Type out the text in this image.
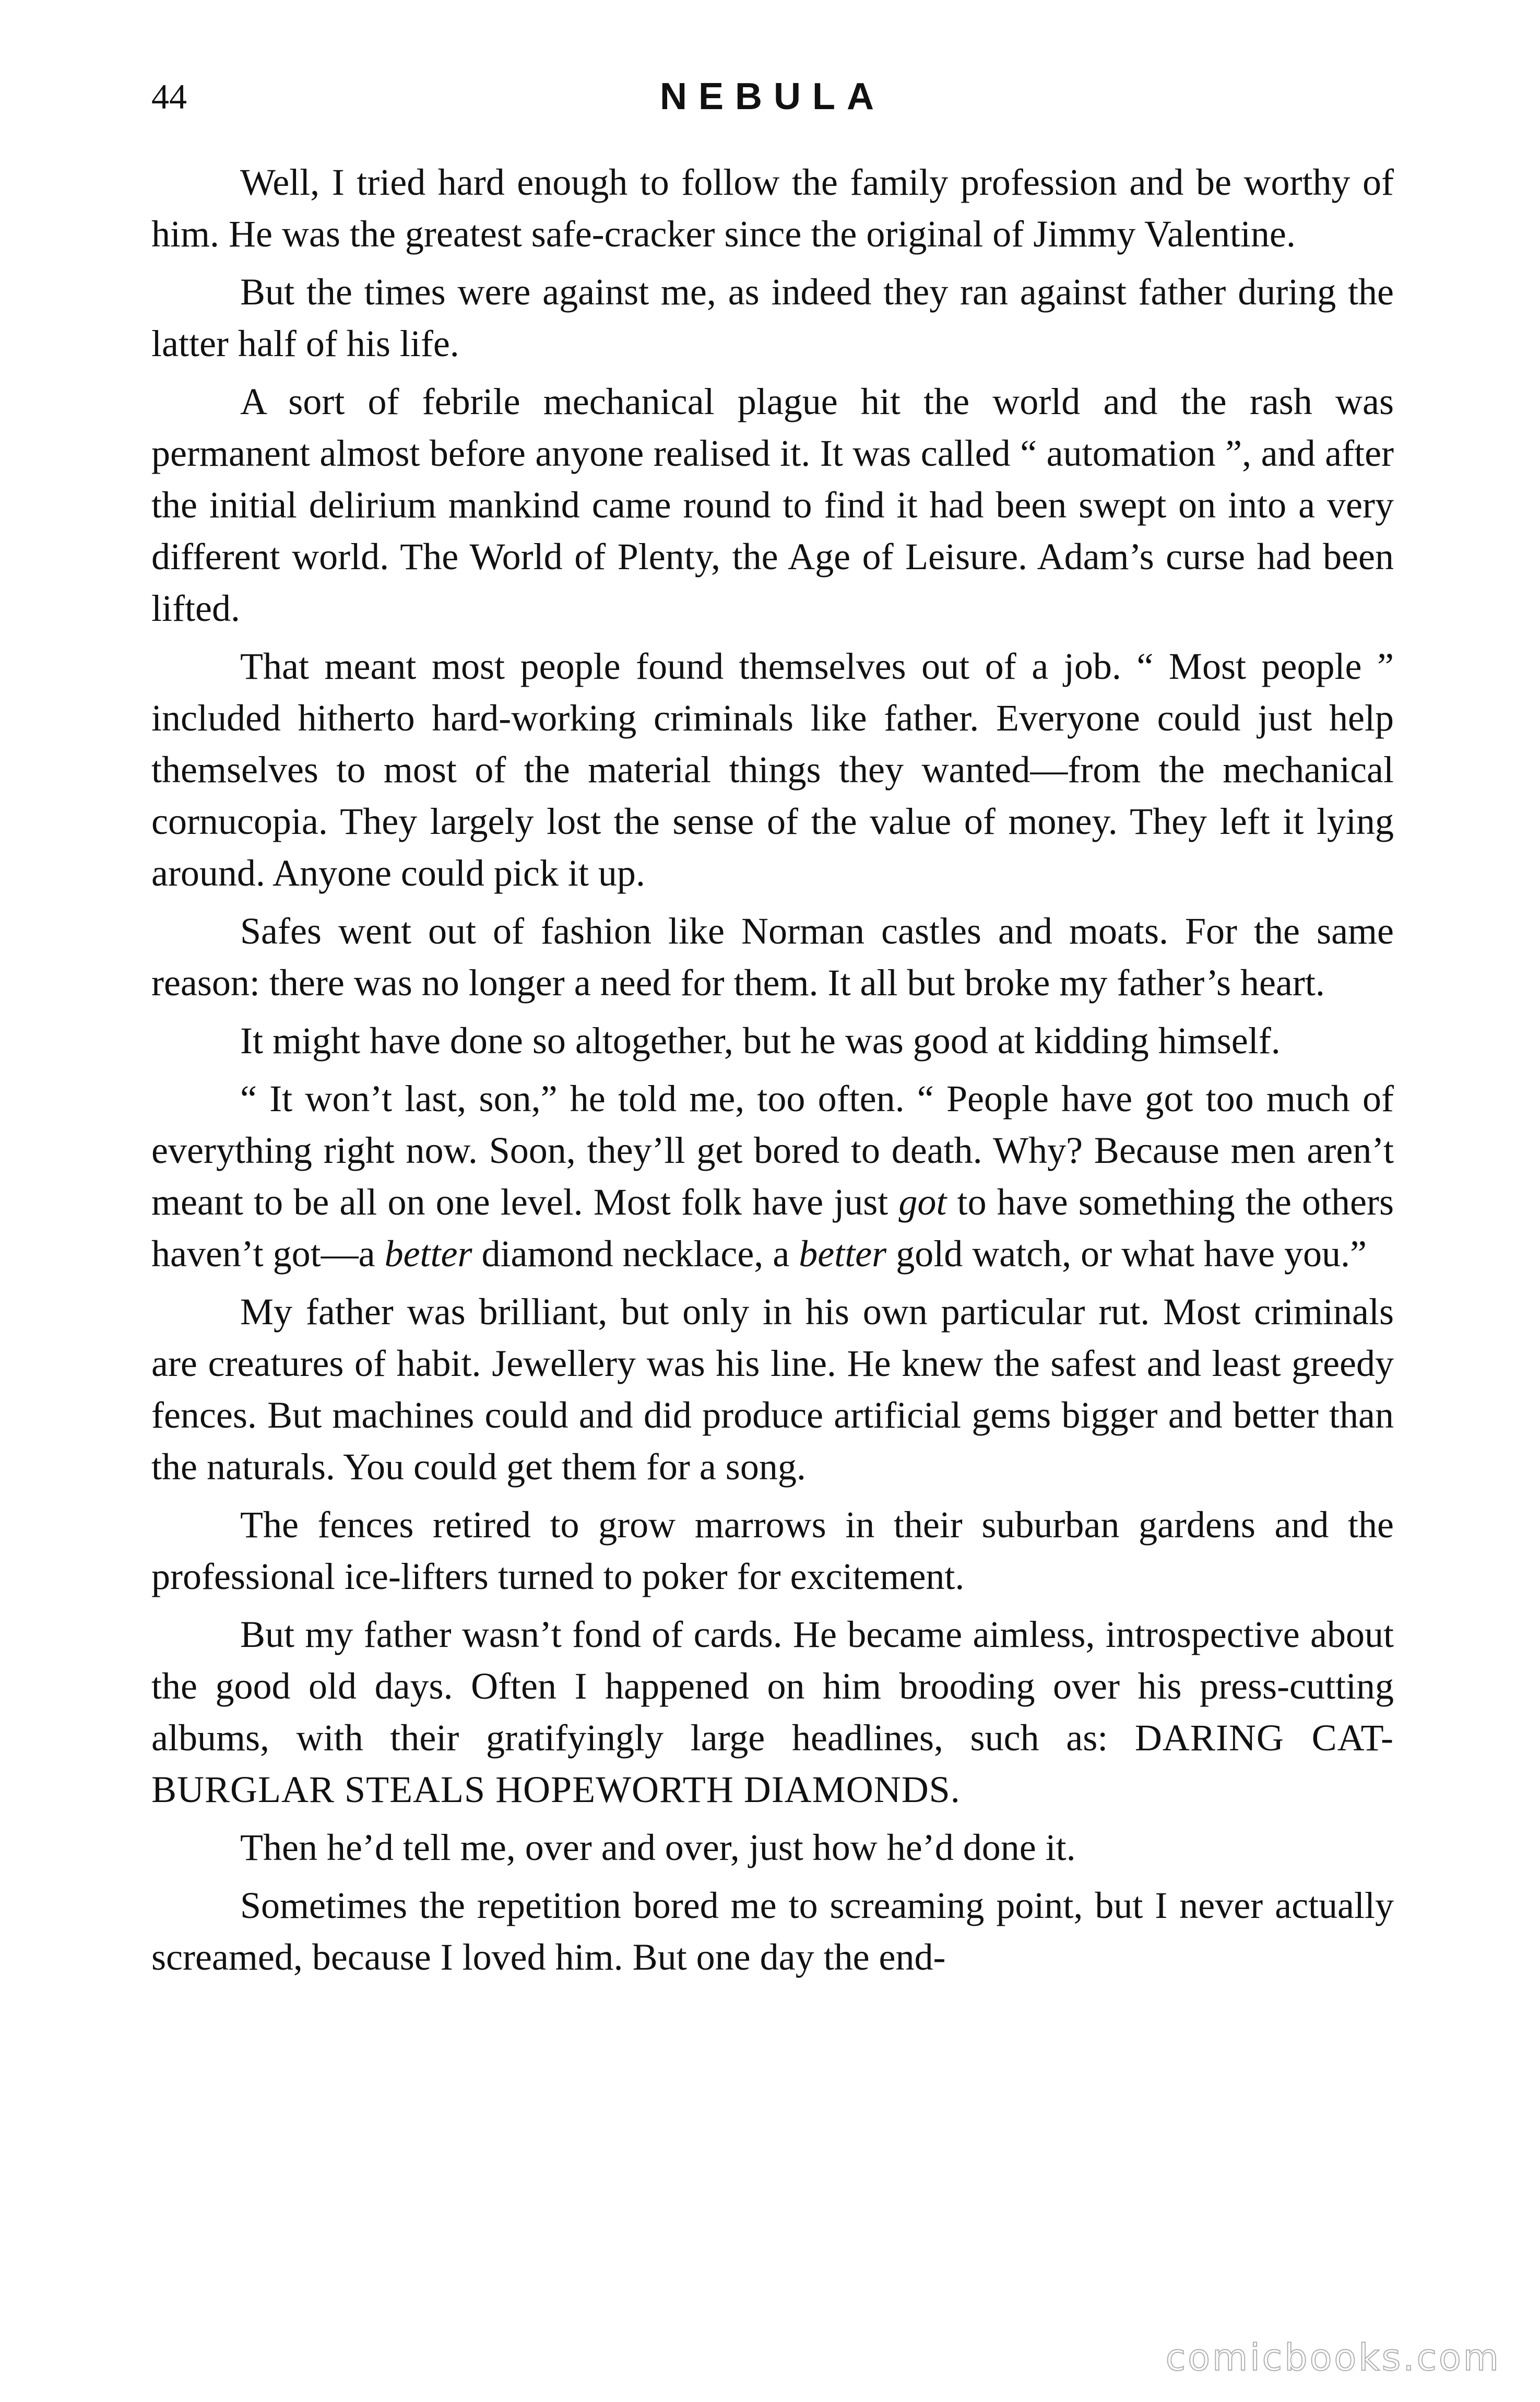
44	NEBULA

Well, I tried hard enough to follow the family profession and be worthy of him. He was the greatest safe-cracker since the original of Jimmy Valentine.

But the times were against me, as indeed they ran against father during the latter half of his life.

A sort of febrile mechanical plague hit the world and the rash was permanent almost before anyone realised it. It was called “ automation ”, and after the initial delirium mankind came round to find it had been swept on into a very different world. The World of Plenty, the Age of Leisure. Adam’s curse had been lifted.

That meant most people found themselves out of a job. “ Most people ” included hitherto hard-working criminals like father. Everyone could just help themselves to most of the material things they wanted—from the mechanical cornucopia. They largely lost the sense of the value of money. They left it lying around. Anyone could pick it up.

Safes went out of fashion like Norman castles and moats. For the same reason: there was no longer a need for them. It all but broke my father’s heart.

It might have done so altogether, but he was good at kidding himself.

“ It won’t last, son,” he told me, too often. “ People have got too much of everything right now. Soon, they’ll get bored to death. Why? Because men aren’t meant to be all on one level. Most folk have just got to have something the others haven’t got—a better diamond necklace, a better gold watch, or what have you.”

My father was brilliant, but only in his own particular rut. Most criminals are creatures of habit. Jewellery was his line. He knew the safest and least greedy fences. But machines could and did produce artificial gems bigger and better than the naturals. You could get them for a song.

The fences retired to grow marrows in their suburban gardens and the professional ice-lifters turned to poker for excitement.

But my father wasn’t fond of cards. He became aimless, introspective about the good old days. Often I happened on him brooding over his press-cutting albums, with their gratifyingly large headlines, such as: DARING CAT-BURGLAR STEALS HOPEWORTH DIAMONDS.

Then he’d tell me, over and over, just how he’d done it.

Sometimes the repetition bored me to screaming point, but I never actually screamed, because I loved him. But one day the end-

comicbooks.com
